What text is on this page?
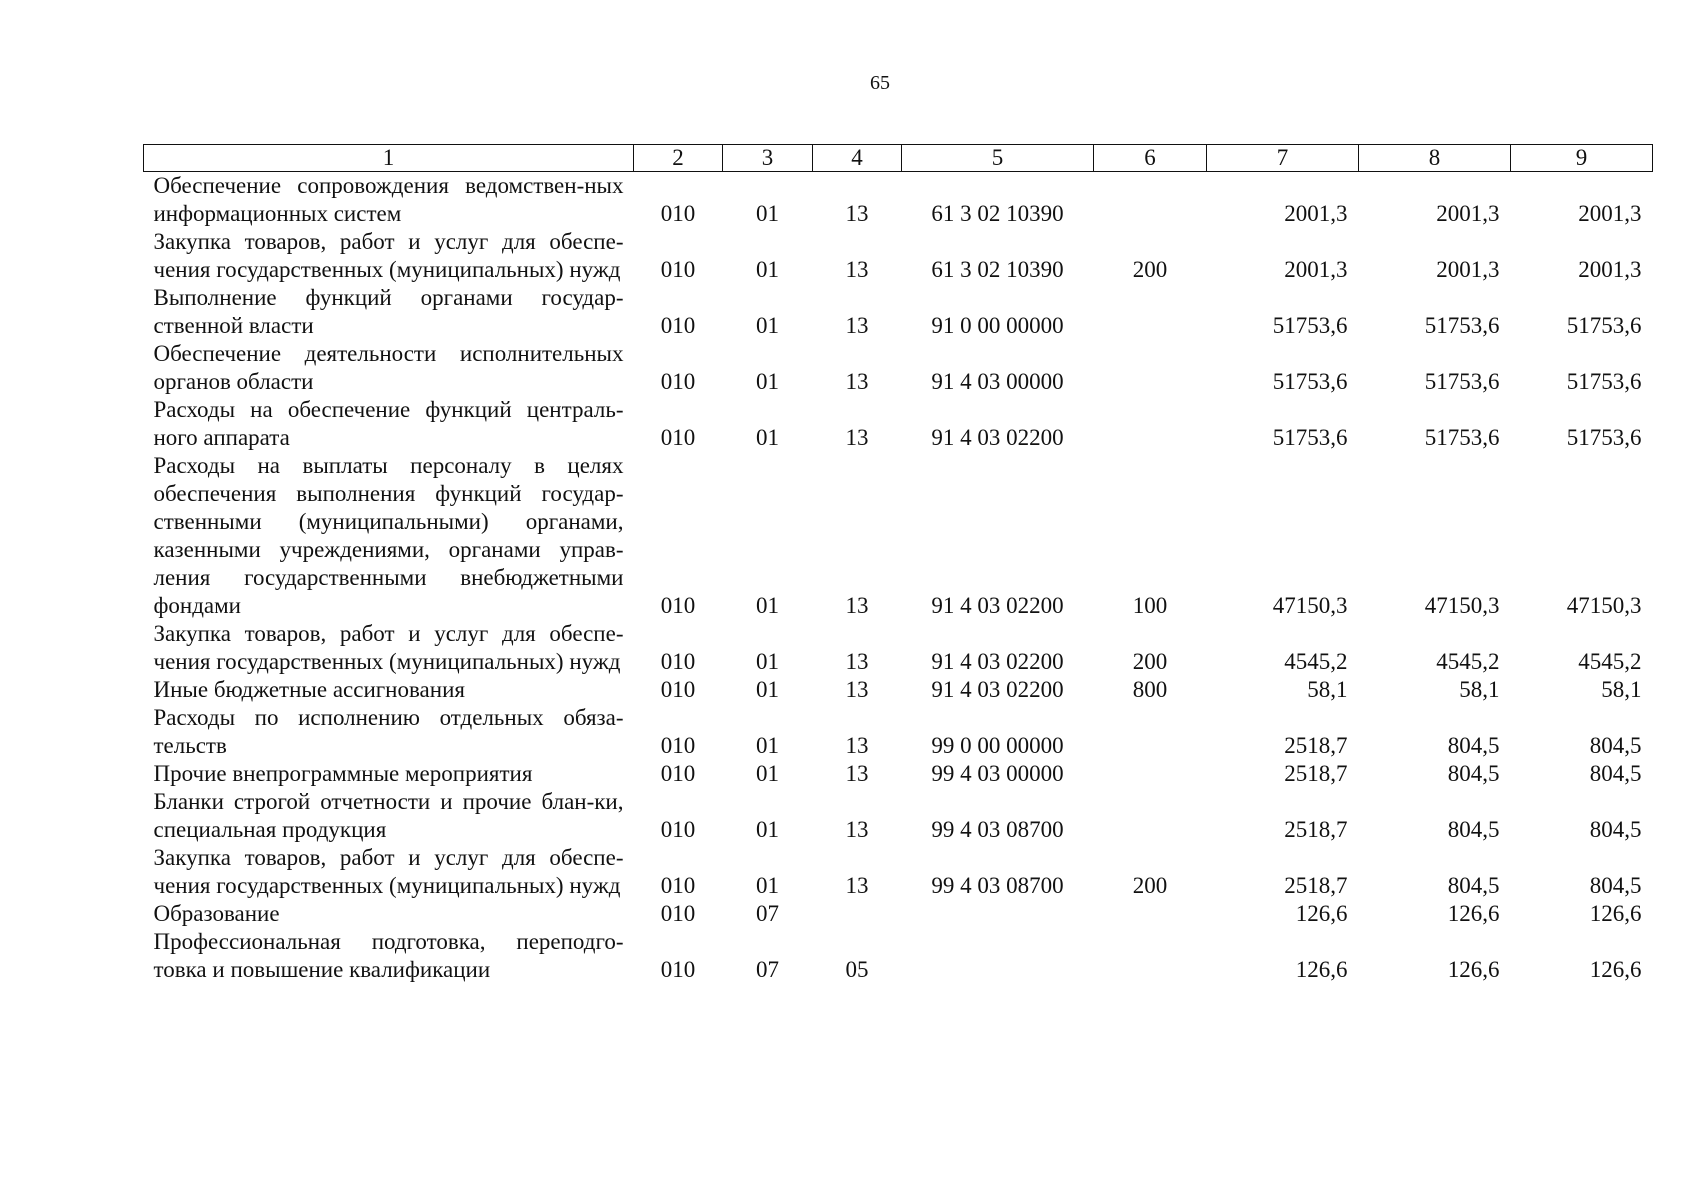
65
1	2	3	4	5	6	7	8	9
Обеспечение сопровождения ведомствен-ных информационных систем	010	01	13	61 3 02 10390		2001,3	2001,3	2001,3
Закупка товаров, работ и услуг для обеспе-чения государственных (муниципальных) нужд	010	01	13	61 3 02 10390	200	2001,3	2001,3	2001,3
Выполнение функций органами государ-ственной власти	010	01	13	91 0 00 00000		51753,6	51753,6	51753,6
Обеспечение деятельности исполнительных органов области	010	01	13	91 4 03 00000		51753,6	51753,6	51753,6
Расходы на обеспечение функций централь-ного аппарата	010	01	13	91 4 03 02200		51753,6	51753,6	51753,6
Расходы на выплаты персоналу в целях обеспечения выполнения функций государ-ственными (муниципальными) органами, казенными учреждениями, органами управ-ления государственными внебюджетными фондами	010	01	13	91 4 03 02200	100	47150,3	47150,3	47150,3
Закупка товаров, работ и услуг для обеспе-чения государственных (муниципальных) нужд	010	01	13	91 4 03 02200	200	4545,2	4545,2	4545,2
Иные бюджетные ассигнования	010	01	13	91 4 03 02200	800	58,1	58,1	58,1
Расходы по исполнению отдельных обяза-тельств	010	01	13	99 0 00 00000		2518,7	804,5	804,5
Прочие внепрограммные мероприятия	010	01	13	99 4 03 00000		2518,7	804,5	804,5
Бланки строгой отчетности и прочие блан-ки, специальная продукция	010	01	13	99 4 03 08700		2518,7	804,5	804,5
Закупка товаров, работ и услуг для обеспе-чения государственных (муниципальных) нужд	010	01	13	99 4 03 08700	200	2518,7	804,5	804,5
Образование	010	07				126,6	126,6	126,6
Профессиональная подготовка, переподго-товка и повышение квалификации	010	07	05			126,6	126,6	126,6
